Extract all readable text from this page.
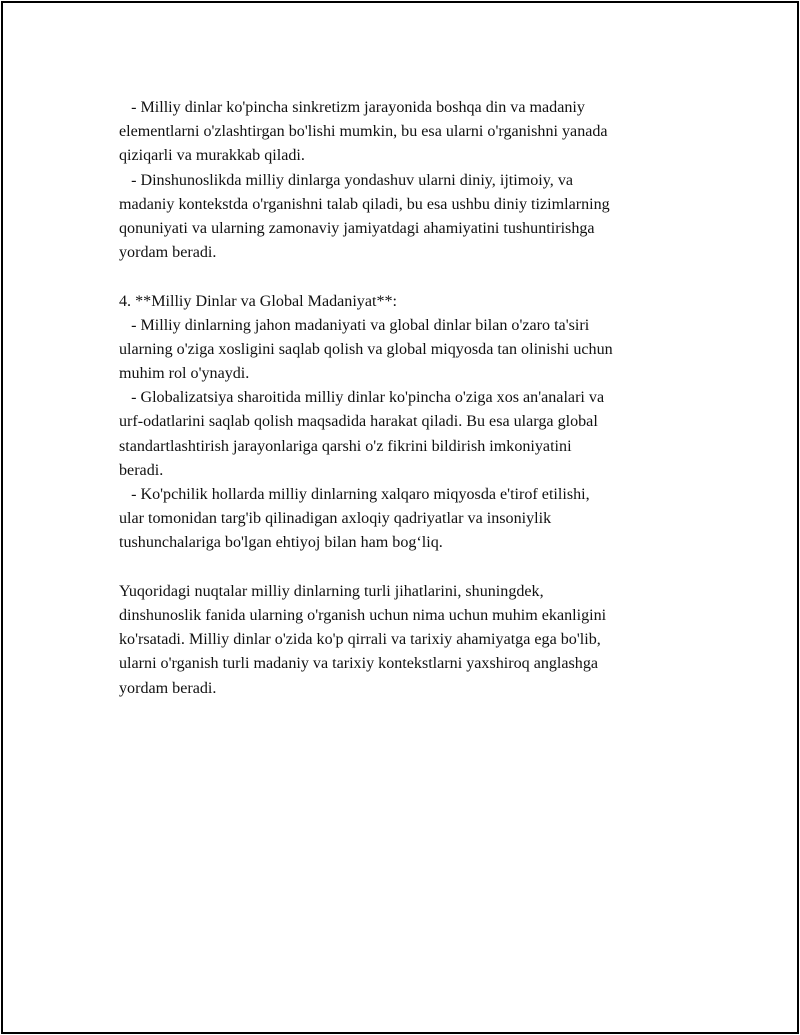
- Milliy dinlar ko'pincha sinkretizm jarayonida boshqa din va madaniy
elementlarni o'zlashtirgan bo'lishi mumkin, bu esa ularni o'rganishni yanada
qiziqarli va murakkab qiladi.
- Dinshunoslikda milliy dinlarga yondashuv ularni diniy, ijtimoiy, va
madaniy kontekstda o'rganishni talab qiladi, bu esa ushbu diniy tizimlarning
qonuniyati va ularning zamonaviy jamiyatdagi ahamiyatini tushuntirishga
yordam beradi.
4. **Milliy Dinlar va Global Madaniyat**:
- Milliy dinlarning jahon madaniyati va global dinlar bilan o'zaro ta'siri
ularning o'ziga xosligini saqlab qolish va global miqyosda tan olinishi uchun
muhim rol o'ynaydi.
- Globalizatsiya sharoitida milliy dinlar ko'pincha o'ziga xos an'analari va
urf-odatlarini saqlab qolish maqsadida harakat qiladi. Bu esa ularga global
standartlashtirish jarayonlariga qarshi o'z fikrini bildirish imkoniyatini
beradi.
- Ko'pchilik hollarda milliy dinlarning xalqaro miqyosda e'tirof etilishi,
ular tomonidan targ'ib qilinadigan axloqiy qadriyatlar va insoniylik
tushunchalariga bo'lgan ehtiyoj bilan ham bog‘liq.
Yuqoridagi nuqtalar milliy dinlarning turli jihatlarini, shuningdek,
dinshunoslik fanida ularning o'rganish uchun nima uchun muhim ekanligini
ko'rsatadi. Milliy dinlar o'zida ko'p qirrali va tarixiy ahamiyatga ega bo'lib,
ularni o'rganish turli madaniy va tarixiy kontekstlarni yaxshiroq anglashga
yordam beradi.
